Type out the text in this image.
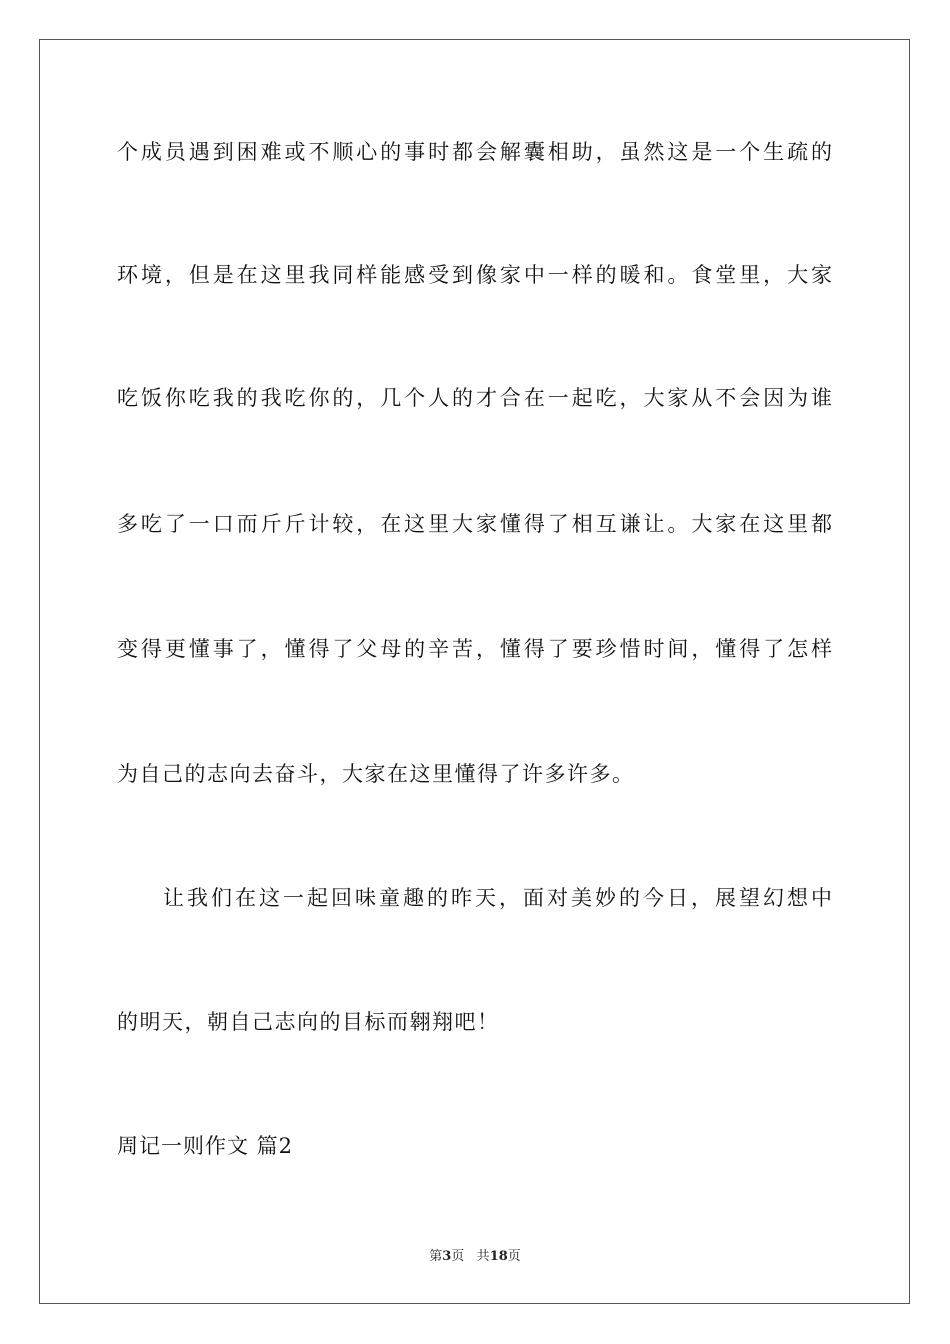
个成员遇到困难或不顺心的事时都会解囊相助，虽然这是一个生疏的
环境，但是在这里我同样能感受到像家中一样的暖和。食堂里，大家
吃饭你吃我的我吃你的，几个人的才合在一起吃，大家从不会因为谁
多吃了一口而斤斤计较，在这里大家懂得了相互谦让。大家在这里都
变得更懂事了，懂得了父母的辛苦，懂得了要珍惜时间，懂得了怎样
为自己的志向去奋斗，大家在这里懂得了许多许多。
让我们在这一起回味童趣的昨天，面对美妙的今日，展望幻想中
的明天，朝自己志向的目标而翱翔吧！
周记一则作文 篇2
第3页 共18页
